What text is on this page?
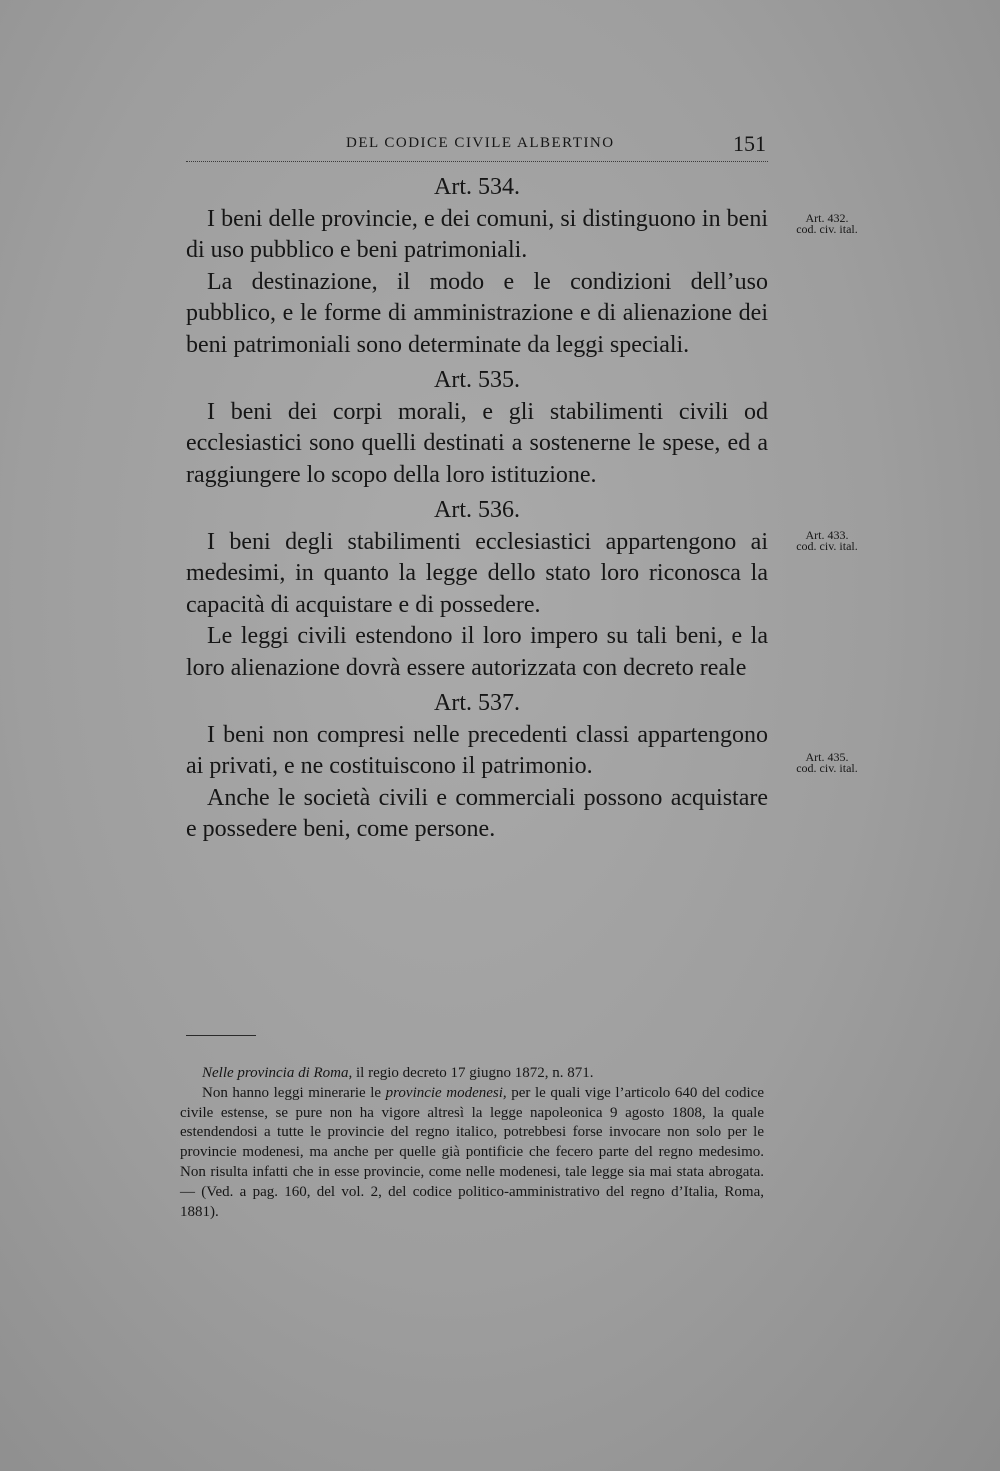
DEL CODICE CIVILE ALBERTINO	151

Art. 534.

I beni delle provincie, e dei comuni, si distinguono in beni di uso pubblico e beni patrimoniali.

La destinazione, il modo e le condizioni dell’uso pubblico, e le forme di amministrazione e di alienazione dei beni patrimoniali sono determinate da leggi speciali.

Art. 535.

I beni dei corpi morali, e gli stabilimenti civili od ecclesiastici sono quelli destinati a sostenerne le spese, ed a raggiungere lo scopo della loro istituzione.

Art. 536.

I beni degli stabilimenti ecclesiastici appartengono ai medesimi, in quanto la legge dello stato loro riconosca la capacità di acquistare e di possedere.

Le leggi civili estendono il loro impero su tali beni, e la loro alienazione dovrà essere autorizzata con decreto reale

Art. 537.

I beni non compresi nelle precedenti classi appartengono ai privati, e ne costituiscono il patrimonio.

Anche le società civili e commerciali possono acquistare e possedere beni, come persone.

Art. 432.
cod. civ. ital.
Art. 433.
cod. civ. ital.
Art. 435.
cod. civ. ital.

Nelle provincia di Roma, il regio decreto 17 giugno 1872, n. 871.

Non hanno leggi minerarie le provincie modenesi, per le quali vige l’articolo 640 del codice civile estense, se pure non ha vigore altresì la legge napoleonica 9 agosto 1808, la quale estendendosi a tutte le provincie del regno italico, potrebbesi forse invocare non solo per le provincie modenesi, ma anche per quelle già pontificie che fecero parte del regno medesimo. Non risulta infatti che in esse provincie, come nelle modenesi, tale legge sia mai stata abrogata. — (Ved. a pag. 160, del vol. 2, del codice politico-amministrativo del regno d’Italia, Roma, 1881).
